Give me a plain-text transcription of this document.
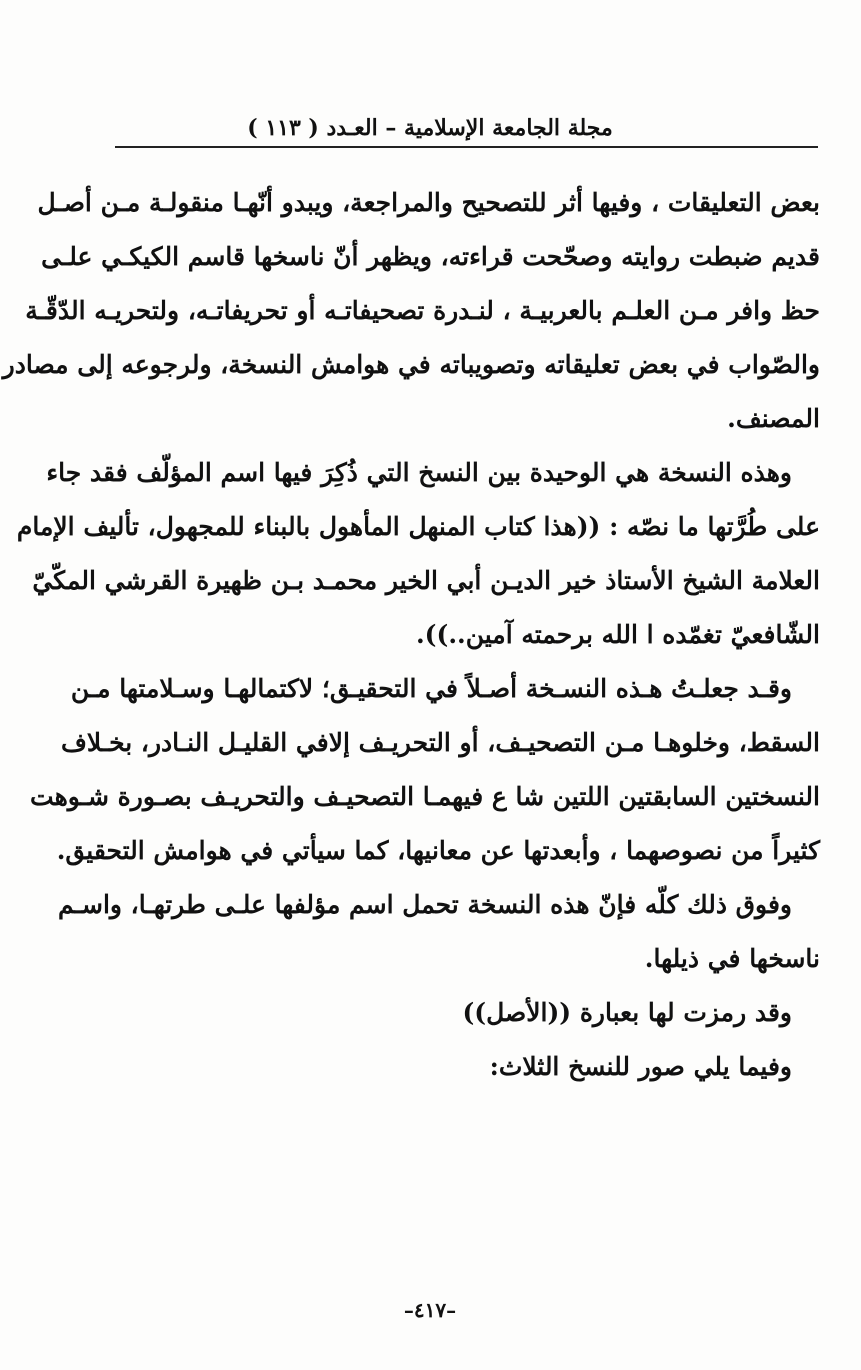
مجلة الجامعة الإسلامية – العـدد ( ١١٣ )
بعض التعليقات ، وفيها أثر للتصحيح والمراجعة، ويبدو أنّهـا منقولـة مـن أصـل
قديم ضبطت روايته وصحّحت قراءته، ويظهر أنّ ناسخها قاسم الكيكـي علـى
حظ وافر مـن العلـم بالعربيـة ، لنـدرة تصحيفاتـه أو تحريفاتـه، ولتحريـه الدّقّـة
والصّواب في بعض تعليقاته وتصويباته في هوامش النسخة، ولرجوعه إلى مصادر
المصنف.
وهذه النسخة هي الوحيدة بين النسخ التي ذُكِرَ فيها اسم المؤلّف فقد جاء
على طُرَّتها ما نصّه : ((هذا كتاب المنهل المأهول بالبناء للمجهول، تأليف الإمام
العلامة الشيخ الأستاذ خير الديـن أبي الخير محمـد بـن ظهيرة القرشي المكّيّ
الشّافعيّ تغمّده ا الله برحمته آمين..)).
وقـد جعلـتُ هـذه النسـخة أصـلاً في التحقيـق؛ لاكتمالهـا وسـلامتها مـن
السقط، وخلوهـا مـن التصحيـف، أو التحريـف إلافي القليـل النـادر، بخـلاف
النسختين السابقتين اللتين شا ع فيهمـا التصحيـف والتحريـف بصـورة شـوهت
كثيراً من نصوصهما ، وأبعدتها عن معانيها، كما سيأتي في هوامش التحقيق.
وفوق ذلك كلّه فإنّ هذه النسخة تحمل اسم مؤلفها علـى طرتهـا، واسـم
ناسخها في ذيلها.
وقد رمزت لها بعبارة ((الأصل))
وفيما يلي صور للنسخ الثلاث:
–٤١٧–
